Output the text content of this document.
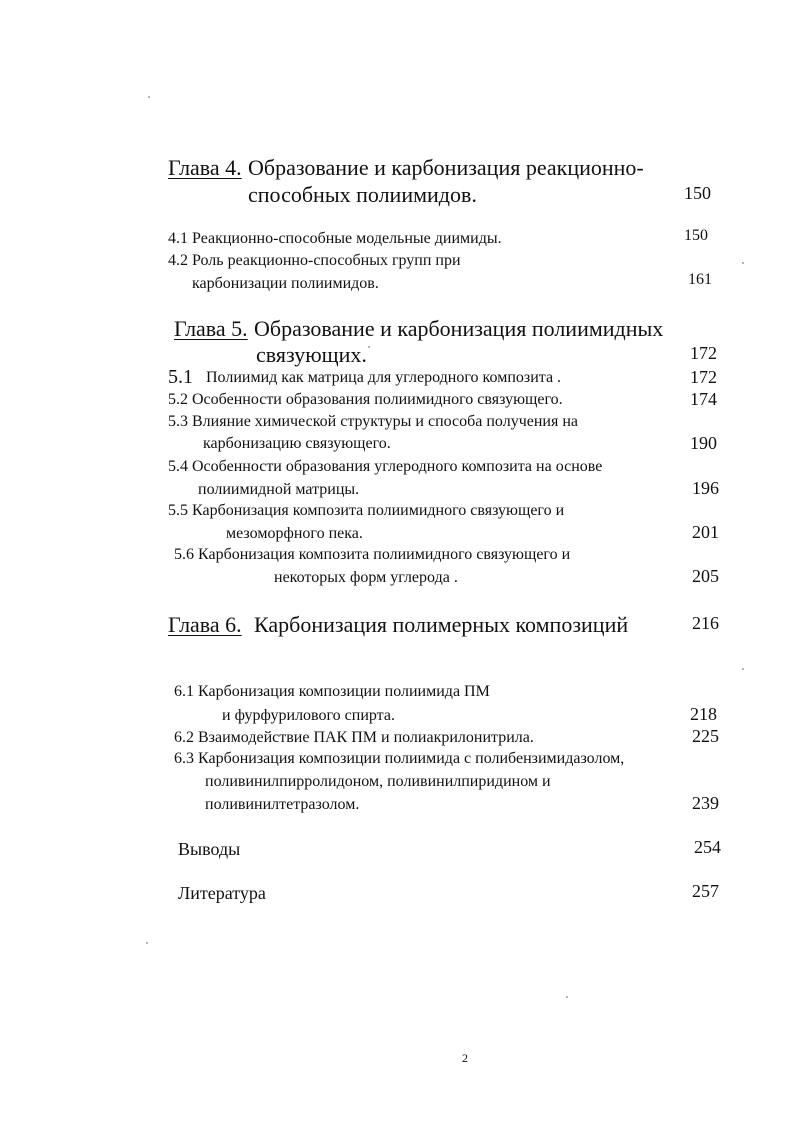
Глава 4. Образование и карбонизация реакционно-
способных полиимидов.	150
4.1 Реакционно-способные модельные диимиды.	150
4.2 Роль реакционно-способных групп при
карбонизации полиимидов.	161
Глава 5. Образование и карбонизация полиимидных
связующих.	172
5.1 Полиимид как матрица для углеродного композита .	172
5.2 Особенности образования полиимидного связующего.	174
5.3 Влияние химической структуры и способа получения на
карбонизацию связующего.	190
5.4 Особенности образования углеродного композита на основе
полиимидной матрицы.	196
5.5 Карбонизация композита полиимидного связующего и
мезоморфного пека.	201
5.6 Карбонизация композита полиимидного связующего и
некоторых форм углерода .	205
Глава 6. Карбонизация полимерных композиций	216
6.1 Карбонизация композиции полиимида ПМ
и фурфурилового спирта.	218
6.2 Взаимодействие ПАК ПМ и полиакрилонитрила.	225
6.3 Карбонизация композиции полиимида с полибензимидазолом,
поливинилпирролидоном, поливинилпиридином и
поливинилтетразолом.	239
Выводы	254
Литература	257
2
